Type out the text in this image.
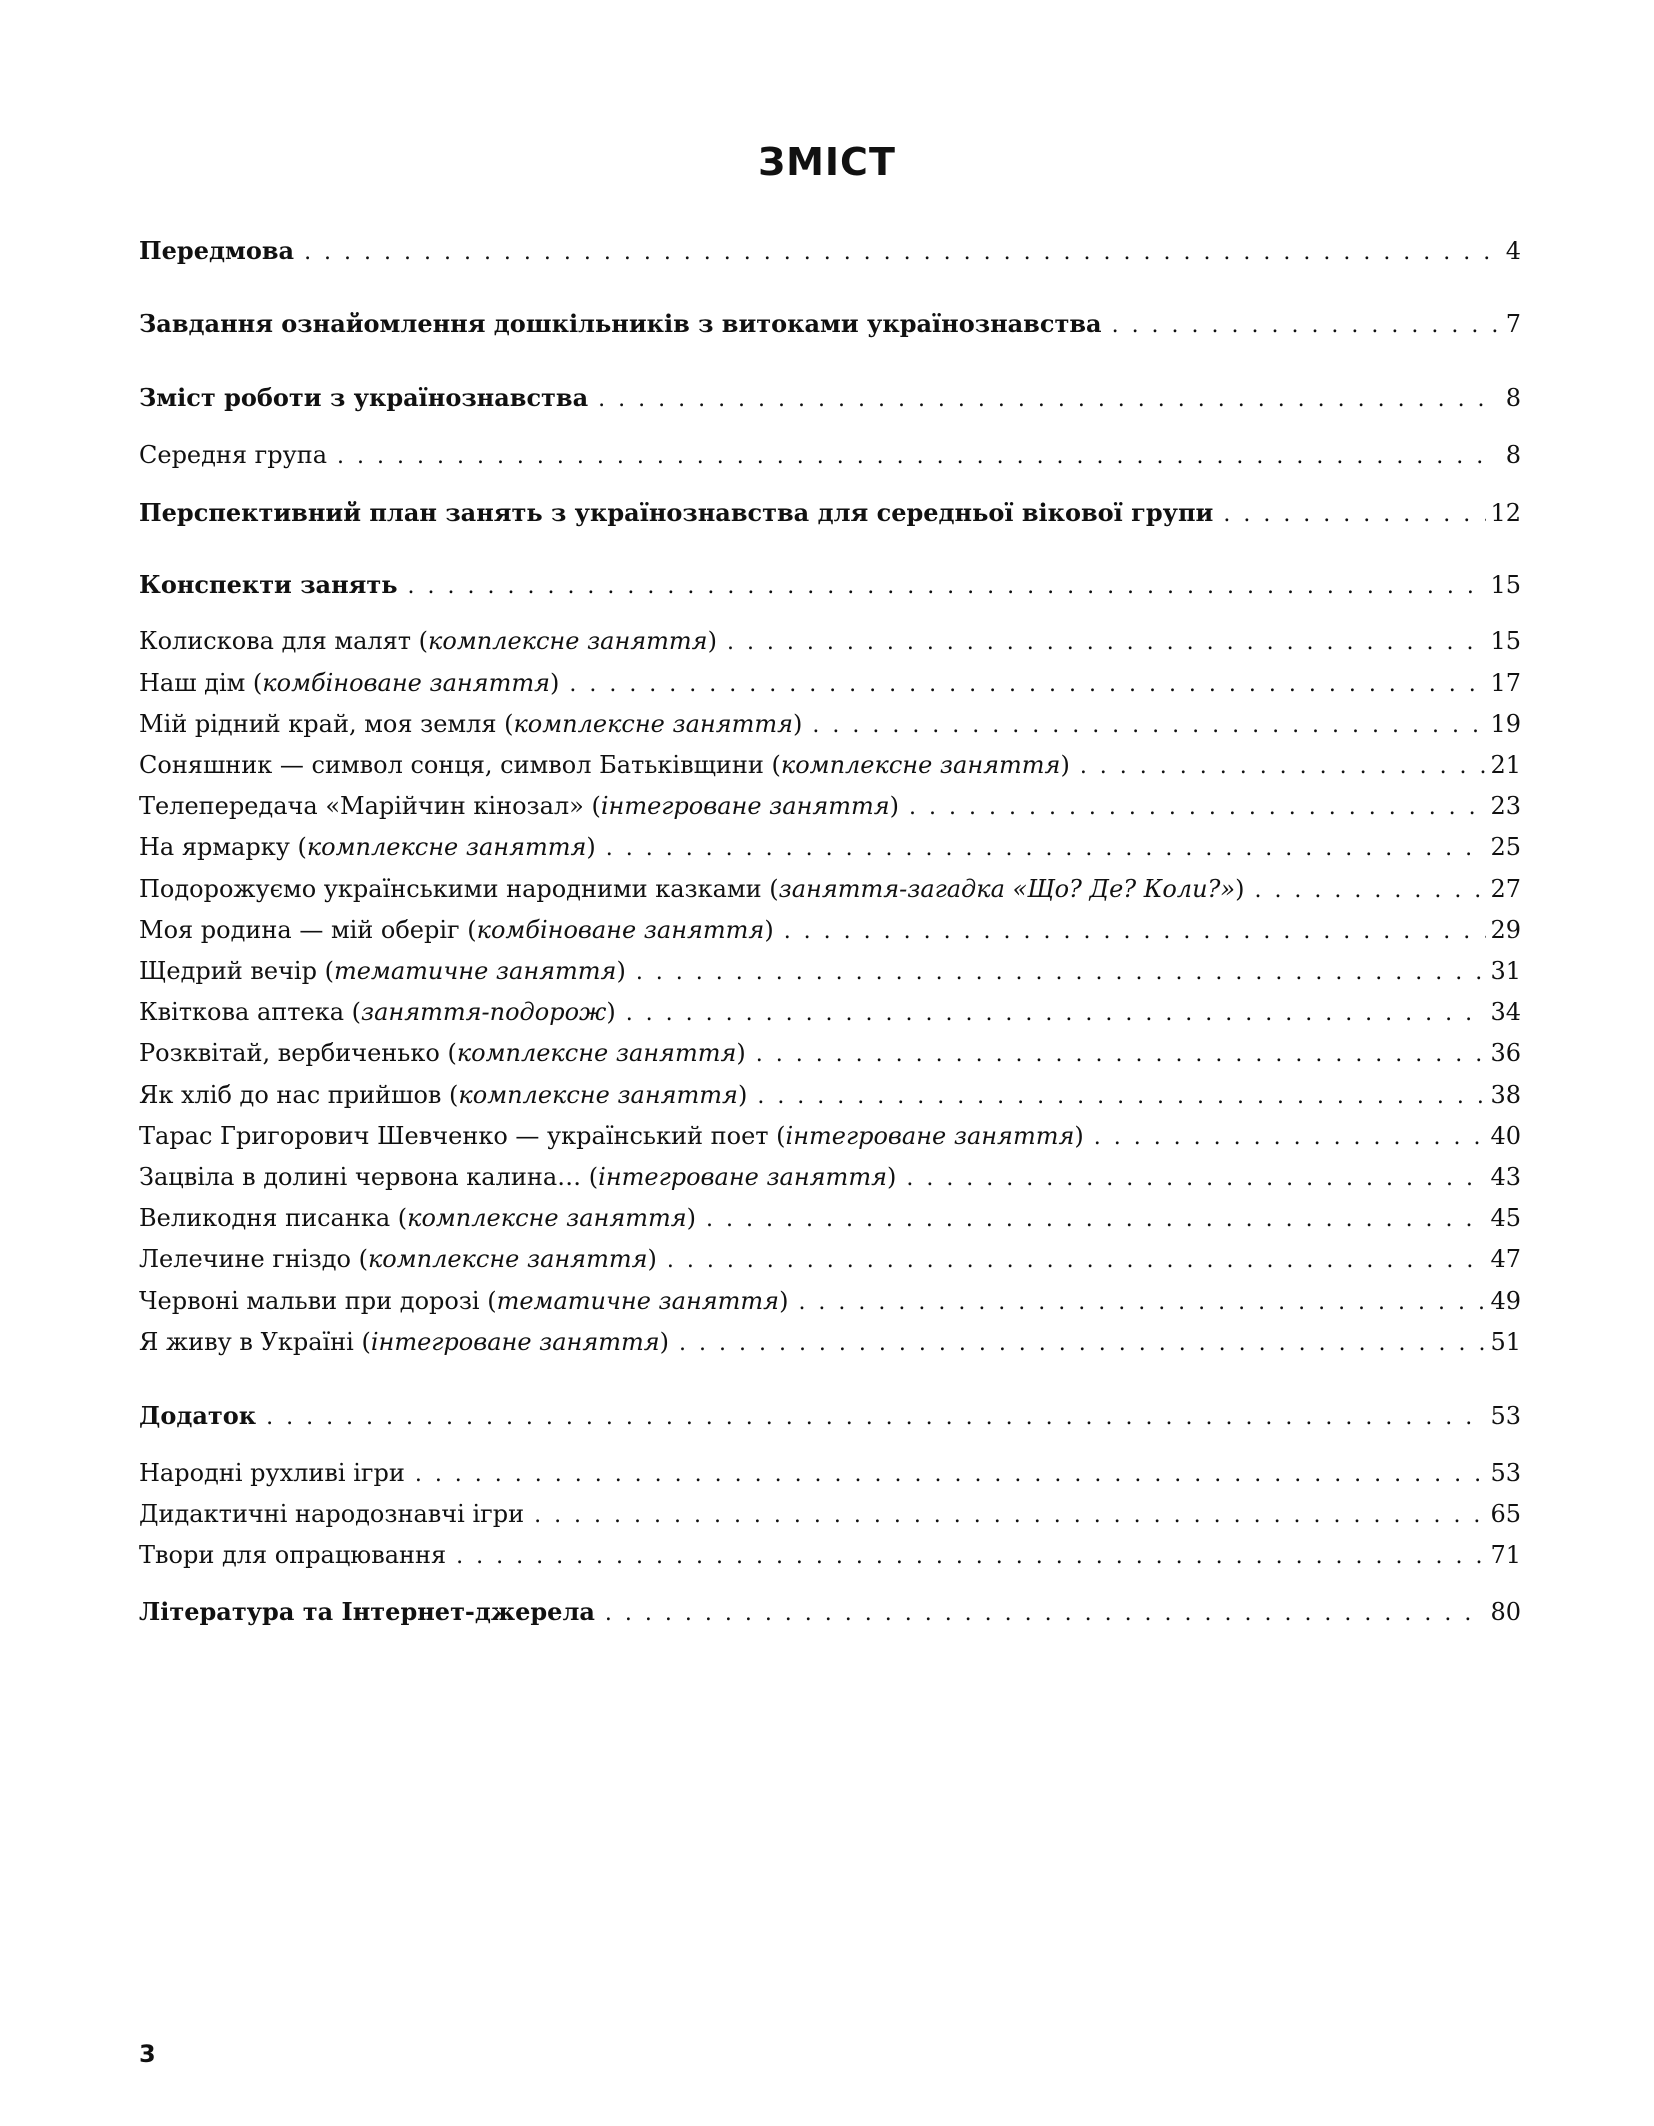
ЗМІСТ
Передмова . . .	4
Завдання ознайомлення дошкільників з витоками українознавства . . .	7
Зміст роботи з українознавства . . .	8
Середня група . . .	8
Перспективний план занять з українознавства для середньої вікової групи . . .	12
Конспекти занять . . .	15
Колискова для малят (комплексне заняття) . . .	15
Наш дім (комбіноване заняття) . . .	17
Мій рідний край, моя земля (комплексне заняття) . . .	19
Соняшник — символ сонця, символ Батьківщини (комплексне заняття) . . .	21
Телепередача «Марійчин кінозал» (інтегроване заняття) . . .	23
На ярмарку (комплексне заняття) . . .	25
Подорожуємо українськими народними казками (заняття-загадка «Що? Де? Коли?») . . .	27
Моя родина — мій оберіг (комбіноване заняття) . . .	29
Щедрий вечір (тематичне заняття) . . .	31
Квіткова аптека (заняття-подорож) . . .	34
Розквітай, вербиченько (комплексне заняття) . . .	36
Як хліб до нас прийшов (комплексне заняття) . . .	38
Тарас Григорович Шевченко — український поет (інтегроване заняття) . . .	40
Зацвіла в долині червона калина… (інтегроване заняття) . . .	43
Великодня писанка (комплексне заняття) . . .	45
Лелечине гніздо (комплексне заняття) . . .	47
Червоні мальви при дорозі (тематичне заняття) . . .	49
Я живу в Україні (інтегроване заняття) . . .	51
Додаток . . .	53
Народні рухливі ігри . . .	53
Дидактичні народознавчі ігри . . .	65
Твори для опрацювання . . .	71
Література та Інтернет-джерела . . .	80
3
